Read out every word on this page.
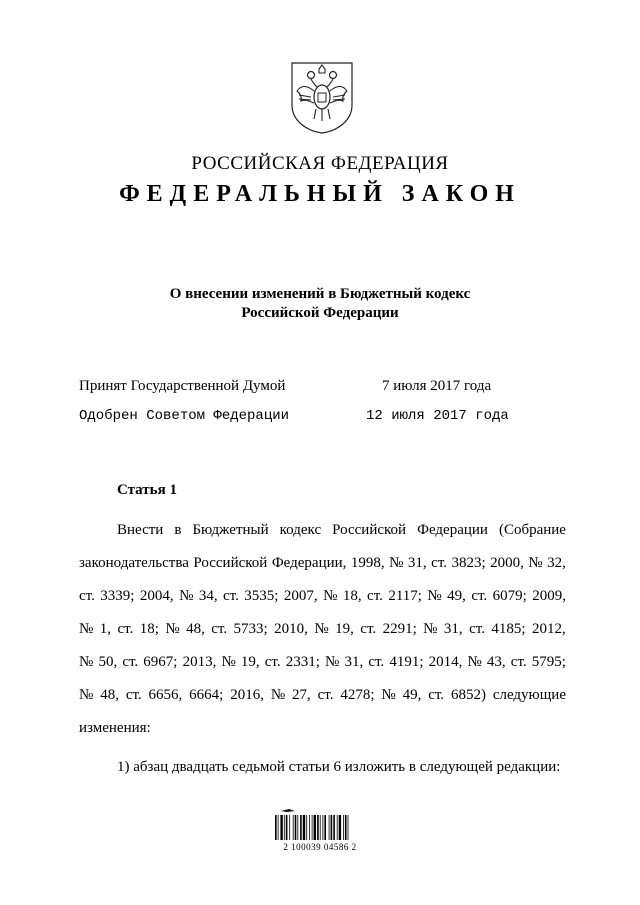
РОССИЙСКАЯ ФЕДЕРАЦИЯ
ФЕДЕРАЛЬНЫЙ ЗАКОН
О внесении изменений в Бюджетный кодекс
Российской Федерации
Принят Государственной Думой	7 июля 2017 года
Одобрен Советом Федерации	12 июля 2017 года
Статья 1
Внести в Бюджетный кодекс Российской Федерации (Собрание
законодательства Российской Федерации, 1998, № 31, ст. 3823; 2000, № 32,
ст. 3339; 2004, № 34, ст. 3535; 2007, № 18, ст. 2117; № 49, ст. 6079; 2009,
№ 1, ст. 18; № 48, ст. 5733; 2010, № 19, ст. 2291; № 31, ст. 4185; 2012,
№ 50, ст. 6967; 2013, № 19, ст. 2331; № 31, ст. 4191; 2014, № 43, ст. 5795;
№ 48, ст. 6656, 6664; 2016, № 27, ст. 4278; № 49, ст. 6852) следующие
изменения:
1) абзац двадцать седьмой статьи 6 изложить в следующей редакции:
2 100039 04586 2
